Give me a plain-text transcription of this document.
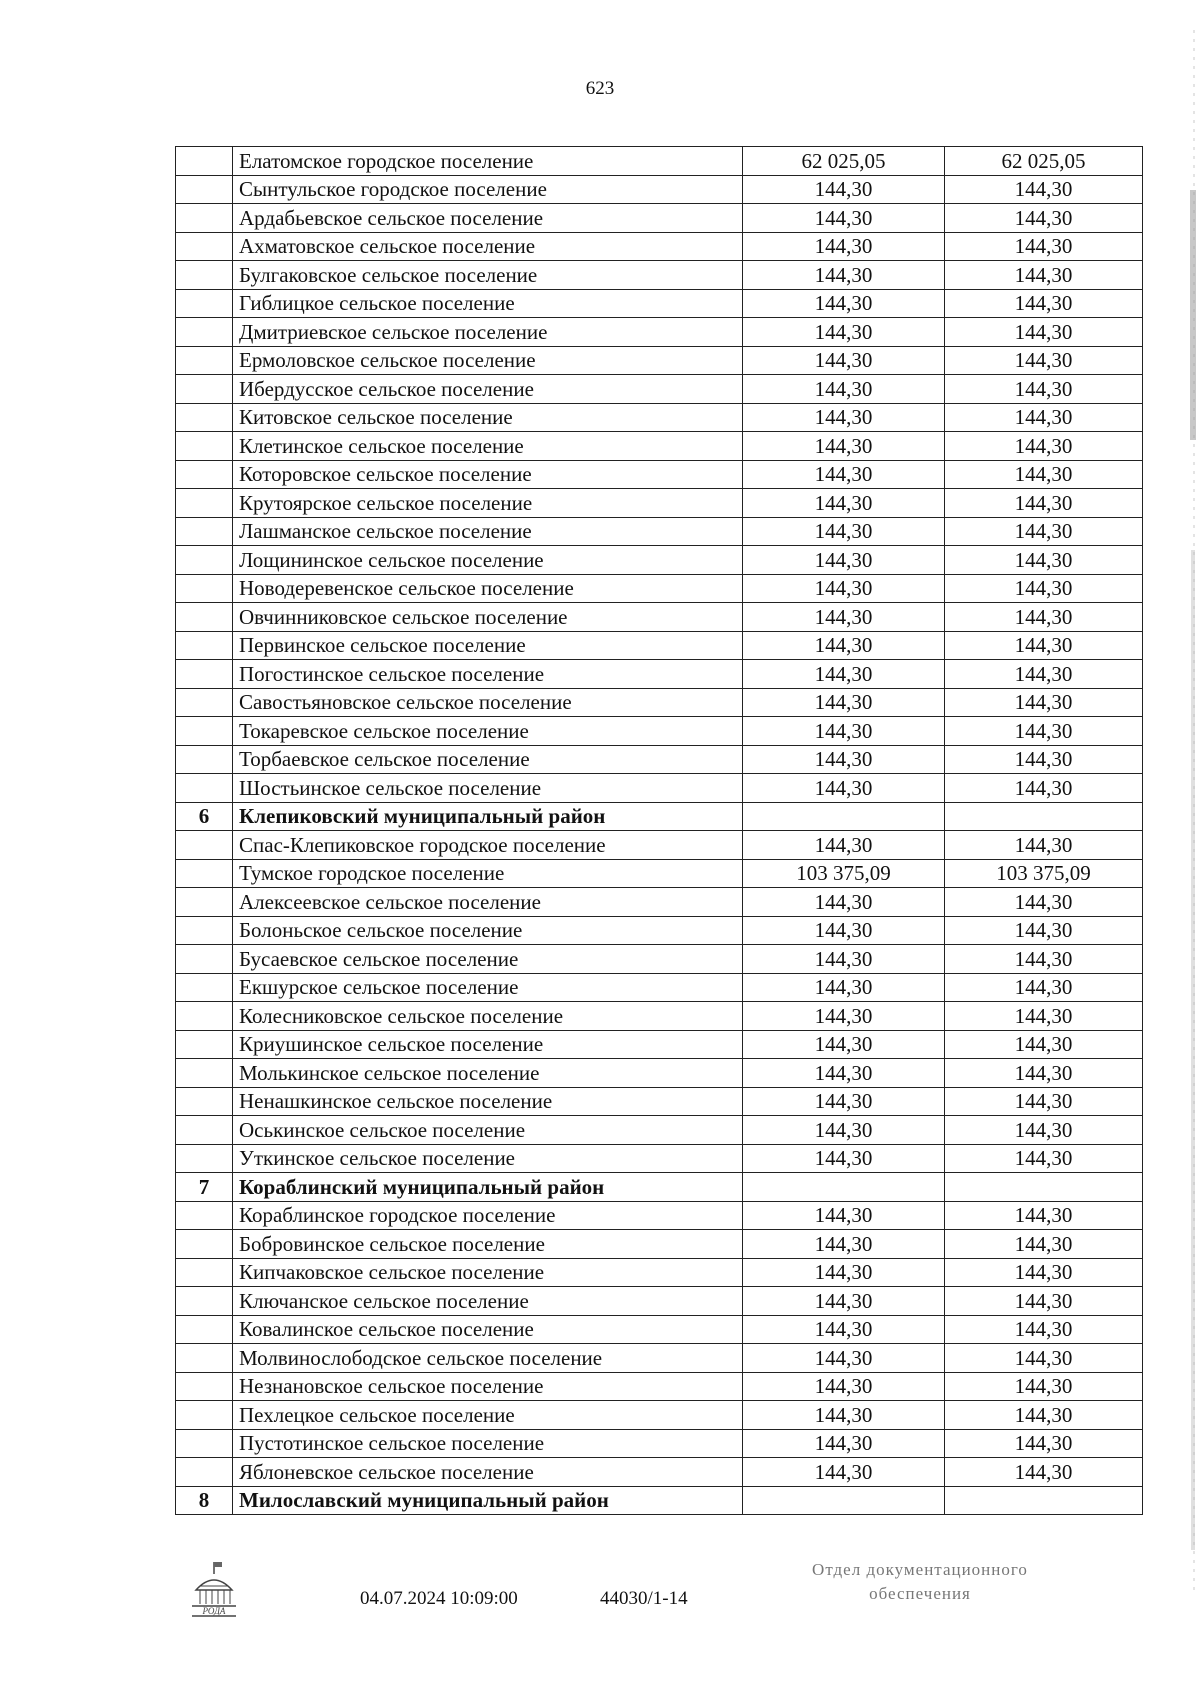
623
	Елатомское городское поселение	62 025,05	62 025,05
	Сынтульское городское поселение	144,30	144,30
	Ардабьевское сельское поселение	144,30	144,30
	Ахматовское сельское поселение	144,30	144,30
	Булгаковское сельское поселение	144,30	144,30
	Гиблицкое сельское поселение	144,30	144,30
	Дмитриевское сельское поселение	144,30	144,30
	Ермоловское сельское поселение	144,30	144,30
	Ибердусское сельское поселение	144,30	144,30
	Китовское сельское поселение	144,30	144,30
	Клетинское сельское поселение	144,30	144,30
	Которовское сельское поселение	144,30	144,30
	Крутоярское сельское поселение	144,30	144,30
	Лашманское сельское поселение	144,30	144,30
	Лощининское сельское поселение	144,30	144,30
	Новодеревенское сельское поселение	144,30	144,30
	Овчинниковское сельское поселение	144,30	144,30
	Первинское сельское поселение	144,30	144,30
	Погостинское сельское поселение	144,30	144,30
	Савостьяновское сельское поселение	144,30	144,30
	Токаревское сельское поселение	144,30	144,30
	Торбаевское сельское поселение	144,30	144,30
	Шостьинское сельское поселение	144,30	144,30
6	Клепиковский муниципальный район		
	Спас-Клепиковское городское поселение	144,30	144,30
	Тумское городское поселение	103 375,09	103 375,09
	Алексеевское сельское поселение	144,30	144,30
	Болоньское сельское поселение	144,30	144,30
	Бусаевское сельское поселение	144,30	144,30
	Екшурское сельское поселение	144,30	144,30
	Колесниковское сельское поселение	144,30	144,30
	Криушинское сельское поселение	144,30	144,30
	Молькинское сельское поселение	144,30	144,30
	Ненашкинское сельское поселение	144,30	144,30
	Оськинское сельское поселение	144,30	144,30
	Уткинское сельское поселение	144,30	144,30
7	Кораблинский муниципальный район		
	Кораблинское городское поселение	144,30	144,30
	Бобровинское сельское поселение	144,30	144,30
	Кипчаковское сельское поселение	144,30	144,30
	Ключанское сельское поселение	144,30	144,30
	Ковалинское сельское поселение	144,30	144,30
	Молвинослободское сельское поселение	144,30	144,30
	Незнановское сельское поселение	144,30	144,30
	Пехлецкое сельское поселение	144,30	144,30
	Пустотинское сельское поселение	144,30	144,30
	Яблоневское сельское поселение	144,30	144,30
8	Милославский муниципальный район		
РОДА
04.07.2024 10:09:00	44030/1-14
Отдел документационного обеспечения
